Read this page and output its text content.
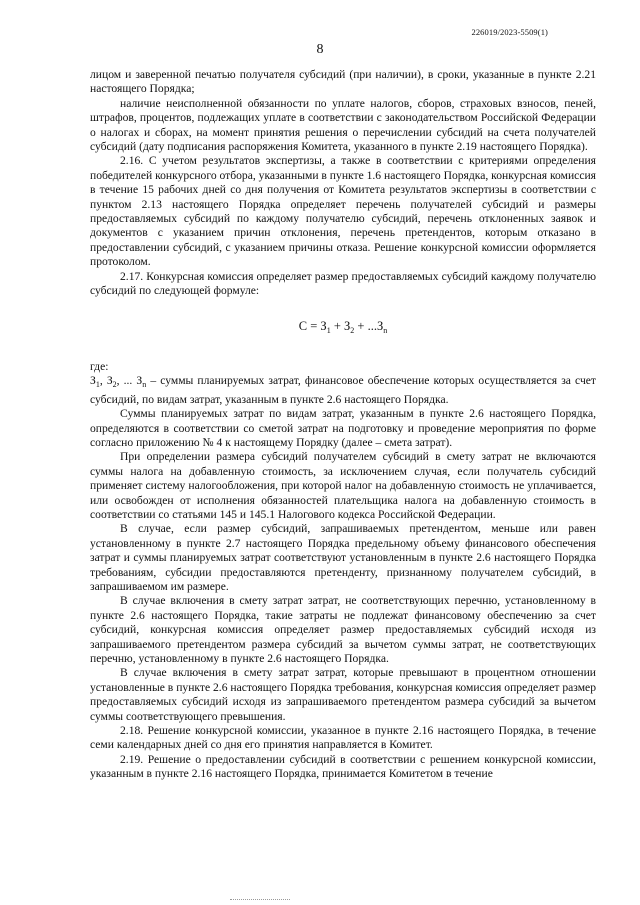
226019/2023-5509(1)
8

лицом и заверенной печатью получателя субсидий (при наличии), в сроки, указанные в пункте 2.21 настоящего Порядка;

наличие неисполненной обязанности по уплате налогов, сборов, страховых взносов, пеней, штрафов, процентов, подлежащих уплате в соответствии с законодательством Российской Федерации о налогах и сборах, на момент принятия решения о перечислении субсидий на счета получателей субсидий (дату подписания распоряжения Комитета, указанного в пункте 2.19 настоящего Порядка).

2.16. С учетом результатов экспертизы, а также в соответствии с критериями определения победителей конкурсного отбора, указанными в пункте 1.6 настоящего Порядка, конкурсная комиссия в течение 15 рабочих дней со дня получения от Комитета результатов экспертизы в соответствии с пунктом 2.13 настоящего Порядка определяет перечень получателей субсидий и размеры предоставляемых субсидий по каждому получателю субсидий, перечень отклоненных заявок и документов с указанием причин отклонения, перечень претендентов, которым отказано в предоставлении субсидий, с указанием причины отказа. Решение конкурсной комиссии оформляется протоколом.

2.17. Конкурсная комиссия определяет размер предоставляемых субсидий каждому получателю субсидий по следующей формуле:

$С = З_1 + З_2 + ...З_n$

где:

$З_1$, $З_2$, ... $З_n$ – суммы планируемых затрат, финансовое обеспечение которых осуществляется за счет субсидий, по видам затрат, указанным в пункте 2.6 настоящего Порядка.

Суммы планируемых затрат по видам затрат, указанным в пункте 2.6 настоящего Порядка, определяются в соответствии со сметой затрат на подготовку и проведение мероприятия по форме согласно приложению № 4 к настоящему Порядку (далее – смета затрат).

При определении размера субсидий получателем субсидий в смету затрат не включаются суммы налога на добавленную стоимость, за исключением случая, если получатель субсидий применяет систему налогообложения, при которой налог на добавленную стоимость не уплачивается, или освобожден от исполнения обязанностей плательщика налога на добавленную стоимость в соответствии со статьями 145 и 145.1 Налогового кодекса Российской Федерации.

В случае, если размер субсидий, запрашиваемых претендентом, меньше или равен установленному в пункте 2.7 настоящего Порядка предельному объему финансового обеспечения затрат и суммы планируемых затрат соответствуют установленным в пункте 2.6 настоящего Порядка требованиям, субсидии предоставляются претенденту, признанному получателем субсидий, в запрашиваемом им размере.

В случае включения в смету затрат затрат, не соответствующих перечню, установленному в пункте 2.6 настоящего Порядка, такие затраты не подлежат финансовому обеспечению за счет субсидий, конкурсная комиссия определяет размер предоставляемых субсидий исходя из запрашиваемого претендентом размера субсидий за вычетом суммы затрат, не соответствующих перечню, установленному в пункте 2.6 настоящего Порядка.

В случае включения в смету затрат затрат, которые превышают в процентном отношении установленные в пункте 2.6 настоящего Порядка требования, конкурсная комиссия определяет размер предоставляемых субсидий исходя из запрашиваемого претендентом размера субсидий за вычетом суммы соответствующего превышения.

2.18. Решение конкурсной комиссии, указанное в пункте 2.16 настоящего Порядка, в течение семи календарных дней со дня его принятия направляется в Комитет.

2.19. Решение о предоставлении субсидий в соответствии с решением конкурсной комиссии, указанным в пункте 2.16 настоящего Порядка, принимается Комитетом в течение
